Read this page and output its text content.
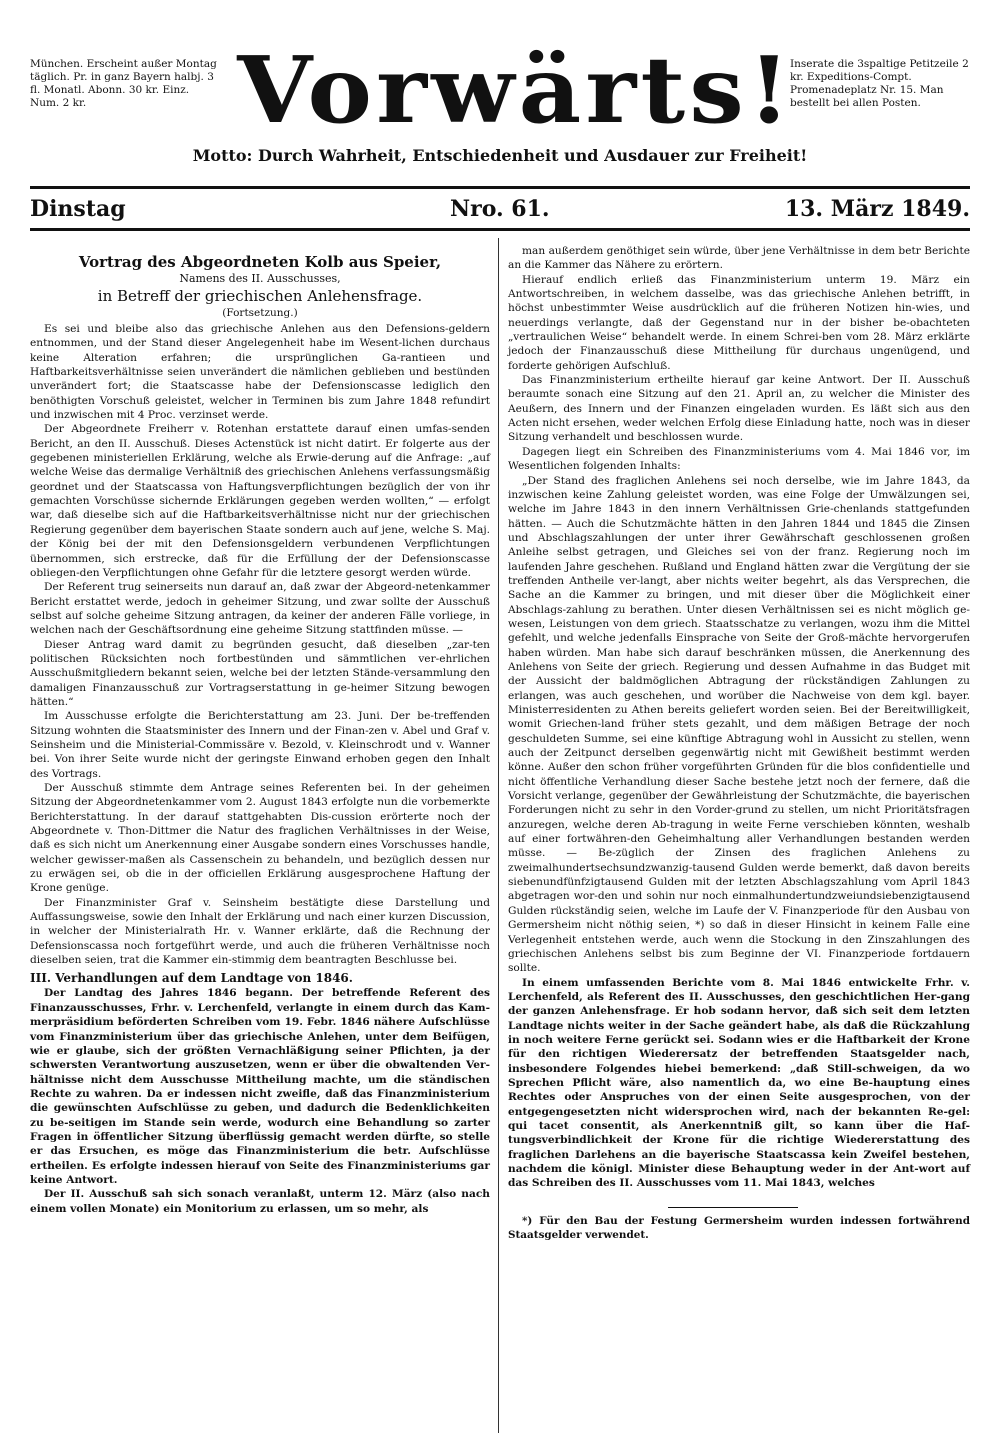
München. Erscheint außer Montag täglich. Pr. in ganz Bayern halbj. 3 fl. Monatl. Abonn. 30 kr. Einz. Num. 2 kr.	Vorwärts!
Inserate die 3spaltige Petitzeile 2 kr. Expeditions-Compt. Promenadeplatz Nr. 15. Man bestellt bei allen Posten.
Motto: Durch Wahrheit, Entschiedenheit und Ausdauer zur Freiheit!
Dinstag	Nro. 61.	13. März 1849.
Vortrag des Abgeordneten Kolb aus Speier,
Namens des II. Ausschusses,
in Betreff der griechischen Anlehensfrage.
(Fortsetzung.)

Es sei und bleibe also das griechische Anlehen aus den Defensions-geldern entnommen, und der Stand dieser Angelegenheit habe im Wesent-lichen durchaus keine Alteration erfahren; die ursprünglichen Ga-rantieen und Haftbarkeitsverhältnisse seien unverändert die nämlichen geblieben und bestünden unverändert fort; die Staatscasse habe der Defensionscasse lediglich den benöthigten Vorschuß geleistet, welcher in Terminen bis zum Jahre 1848 refundirt und inzwischen mit 4 Proc. verzinset werde.

Der Abgeordnete Freiherr v. Rotenhan erstattete darauf einen umfas-senden Bericht, an den II. Ausschuß. Dieses Actenstück ist nicht datirt. Er folgerte aus der gegebenen ministeriellen Erklärung, welche als Erwie-derung auf die Anfrage: „auf welche Weise das dermalige Verhältniß des griechischen Anlehens verfassungsmäßig geordnet und der Staatscassa von Haftungsverpflichtungen bezüglich der von ihr gemachten Vorschüsse sichernde Erklärungen gegeben werden wollten,“ — erfolgt war, daß dieselbe sich auf die Haftbarkeitsverhältnisse nicht nur der griechischen Regierung gegenüber dem bayerischen Staate sondern auch auf jene, welche S. Maj. der König bei der mit den Defensionsgeldern verbundenen Verpflichtungen übernommen, sich erstrecke, daß für die Erfüllung der der Defensionscasse obliegen-den Verpflichtungen ohne Gefahr für die letztere gesorgt werden würde.

Der Referent trug seinerseits nun darauf an, daß zwar der Abgeord-netenkammer Bericht erstattet werde, jedoch in geheimer Sitzung, und zwar sollte der Ausschuß selbst auf solche geheime Sitzung antragen, da keiner der anderen Fälle vorliege, in welchen nach der Geschäftsordnung eine geheime Sitzung stattfinden müsse. —

Dieser Antrag ward damit zu begründen gesucht, daß dieselben „zar-ten politischen Rücksichten noch fortbestünden und sämmtlichen ver-ehrlichen Ausschußmitgliedern bekannt seien, welche bei der letzten Stände-versammlung den damaligen Finanzausschuß zur Vortragserstattung in ge-heimer Sitzung bewogen hätten.“

Im Ausschusse erfolgte die Berichterstattung am 23. Juni. Der be-treffenden Sitzung wohnten die Staatsminister des Innern und der Finan-zen v. Abel und Graf v. Seinsheim und die Ministerial-Commissäre v. Bezold, v. Kleinschrodt und v. Wanner bei. Von ihrer Seite wurde nicht der geringste Einwand erhoben gegen den Inhalt des Vortrags.

Der Ausschuß stimmte dem Antrage seines Referenten bei. In der geheimen Sitzung der Abgeordnetenkammer vom 2. August 1843 erfolgte nun die vorbemerkte Berichterstattung. In der darauf stattgehabten Dis-cussion erörterte noch der Abgeordnete v. Thon-Dittmer die Natur des fraglichen Verhältnisses in der Weise, daß es sich nicht um Anerkennung einer Ausgabe sondern eines Vorschusses handle, welcher gewisser-maßen als Cassenschein zu behandeln, und bezüglich dessen nur zu erwägen sei, ob die in der officiellen Erklärung ausgesprochene Haftung der Krone genüge.

Der Finanzminister Graf v. Seinsheim bestätigte diese Darstellung und Auffassungsweise, sowie den Inhalt der Erklärung und nach einer kurzen Discussion, in welcher der Ministerialrath Hr. v. Wanner erklärte, daß die Rechnung der Defensionscassa noch fortgeführt werde, und auch die früheren Verhältnisse noch dieselben seien, trat die Kammer ein-stimmig dem beantragten Beschlusse bei.

III. Verhandlungen auf dem Landtage von 1846.

Der Landtag des Jahres 1846 begann. Der betreffende Referent des Finanzausschusses, Frhr. v. Lerchenfeld, verlangte in einem durch das Kam-merpräsidium beförderten Schreiben vom 19. Febr. 1846 nähere Aufschlüsse vom Finanzministerium über das griechische Anlehen, unter dem Beifügen, wie er glaube, sich der größten Vernachläßigung seiner Pflichten, ja der schwersten Verantwortung auszusetzen, wenn er über die obwaltenden Ver-hältnisse nicht dem Ausschusse Mittheilung machte, um die ständischen Rechte zu wahren. Da er indessen nicht zweifle, daß das Finanzministerium die gewünschten Aufschlüsse zu geben, und dadurch die Bedenklichkeiten zu be-seitigen im Stande sein werde, wodurch eine Behandlung so zarter Fragen in öffentlicher Sitzung überflüssig gemacht werden dürfte, so stelle er das Ersuchen, es möge das Finanzministerium die betr. Aufschlüsse ertheilen. Es erfolgte indessen hierauf von Seite des Finanzministeriums gar keine Antwort.

Der II. Ausschuß sah sich sonach veranlaßt, unterm 12. März (also nach einem vollen Monate) ein Monitorium zu erlassen, um so mehr, als

man außerdem genöthiget sein würde, über jene Verhältnisse in dem betr Berichte an die Kammer das Nähere zu erörtern.

Hierauf endlich erließ das Finanzministerium unterm 19. März ein Antwortschreiben, in welchem dasselbe, was das griechische Anlehen betrifft, in höchst unbestimmter Weise ausdrücklich auf die früheren Notizen hin-wies, und neuerdings verlangte, daß der Gegenstand nur in der bisher be-obachteten „vertraulichen Weise“ behandelt werde. In einem Schrei-ben vom 28. März erklärte jedoch der Finanzausschuß diese Mittheilung für durchaus ungenügend, und forderte gehörigen Aufschluß.

Das Finanzministerium ertheilte hierauf gar keine Antwort. Der II. Ausschuß beraumte sonach eine Sitzung auf den 21. April an, zu welcher die Minister des Aeußern, des Innern und der Finanzen eingeladen wurden. Es läßt sich aus den Acten nicht ersehen, weder welchen Erfolg diese Einladung hatte, noch was in dieser Sitzung verhandelt und beschlossen wurde.

Dagegen liegt ein Schreiben des Finanzministeriums vom 4. Mai 1846 vor, im Wesentlichen folgenden Inhalts:

„Der Stand des fraglichen Anlehens sei noch derselbe, wie im Jahre 1843, da inzwischen keine Zahlung geleistet worden, was eine Folge der Umwälzungen sei, welche im Jahre 1843 in den innern Verhältnissen Grie-chenlands stattgefunden hätten. — Auch die Schutzmächte hätten in den Jahren 1844 und 1845 die Zinsen und Abschlagszahlungen der unter ihrer Gewährschaft geschlossenen großen Anleihe selbst getragen, und Gleiches sei von der franz. Regierung noch im laufenden Jahre geschehen. Rußland und England hätten zwar die Vergütung der sie treffenden Antheile ver-langt, aber nichts weiter begehrt, als das Versprechen, die Sache an die Kammer zu bringen, und mit dieser über die Möglichkeit einer Abschlags-zahlung zu berathen. Unter diesen Verhältnissen sei es nicht möglich ge-wesen, Leistungen von dem griech. Staatsschatze zu verlangen, wozu ihm die Mittel gefehlt, und welche jedenfalls Einsprache von Seite der Groß-mächte hervorgerufen haben würden. Man habe sich darauf beschränken müssen, die Anerkennung des Anlehens von Seite der griech. Regierung und dessen Aufnahme in das Budget mit der Aussicht der baldmöglichen Abtragung der rückständigen Zahlungen zu erlangen, was auch geschehen, und worüber die Nachweise von dem kgl. bayer. Ministerresidenten zu Athen bereits geliefert worden seien. Bei der Bereitwilligkeit, womit Griechen-land früher stets gezahlt, und dem mäßigen Betrage der noch geschuldeten Summe, sei eine künftige Abtragung wohl in Aussicht zu stellen, wenn auch der Zeitpunct derselben gegenwärtig nicht mit Gewißheit bestimmt werden könne. Außer den schon früher vorgeführten Gründen für die blos confidentielle und nicht öffentliche Verhandlung dieser Sache bestehe jetzt noch der fernere, daß die Vorsicht verlange, gegenüber der Gewährleistung der Schutzmächte, die bayerischen Forderungen nicht zu sehr in den Vorder-grund zu stellen, um nicht Prioritätsfragen anzuregen, welche deren Ab-tragung in weite Ferne verschieben könnten, weshalb auf einer fortwähren-den Geheimhaltung aller Verhandlungen bestanden werden müsse. — Be-züglich der Zinsen des fraglichen Anlehens zu zweimalhundertsechsundzwanzig-tausend Gulden werde bemerkt, daß davon bereits siebenundfünfzigtausend Gulden mit der letzten Abschlagszahlung vom April 1843 abgetragen wor-den und sohin nur noch einmalhundertundzweiundsiebenzigtausend Gulden rückständig seien, welche im Laufe der V. Finanzperiode für den Ausbau von Germersheim nicht nöthig seien, *) so daß in dieser Hinsicht in keinem Falle eine Verlegenheit entstehen werde, auch wenn die Stockung in den Zinszahlungen des griechischen Anlehens selbst bis zum Beginne der VI. Finanzperiode fortdauern sollte.

In einem umfassenden Berichte vom 8. Mai 1846 entwickelte Frhr. v. Lerchenfeld, als Referent des II. Ausschusses, den geschichtlichen Her-gang der ganzen Anlehensfrage. Er hob sodann hervor, daß sich seit dem letzten Landtage nichts weiter in der Sache geändert habe, als daß die Rückzahlung in noch weitere Ferne gerückt sei. Sodann wies er die Haftbarkeit der Krone für den richtigen Wiederersatz der betreffenden Staatsgelder nach, insbesondere Folgendes hiebei bemerkend: „daß Still-schweigen, da wo Sprechen Pflicht wäre, also namentlich da, wo eine Be-hauptung eines Rechtes oder Anspruches von der einen Seite ausgesprochen, von der entgegengesetzten nicht widersprochen wird, nach der bekannten Re-gel: qui tacet consentit, als Anerkenntniß gilt, so kann über die Haf-tungsverbindlichkeit der Krone für die richtige Wiedererstattung des fraglichen Darlehens an die bayerische Staatscassa kein Zweifel bestehen, nachdem die königl. Minister diese Behauptung weder in der Ant-wort auf das Schreiben des II. Ausschusses vom 11. Mai 1843, welches

*) Für den Bau der Festung Germersheim wurden indessen fortwährend Staatsgelder verwendet.
